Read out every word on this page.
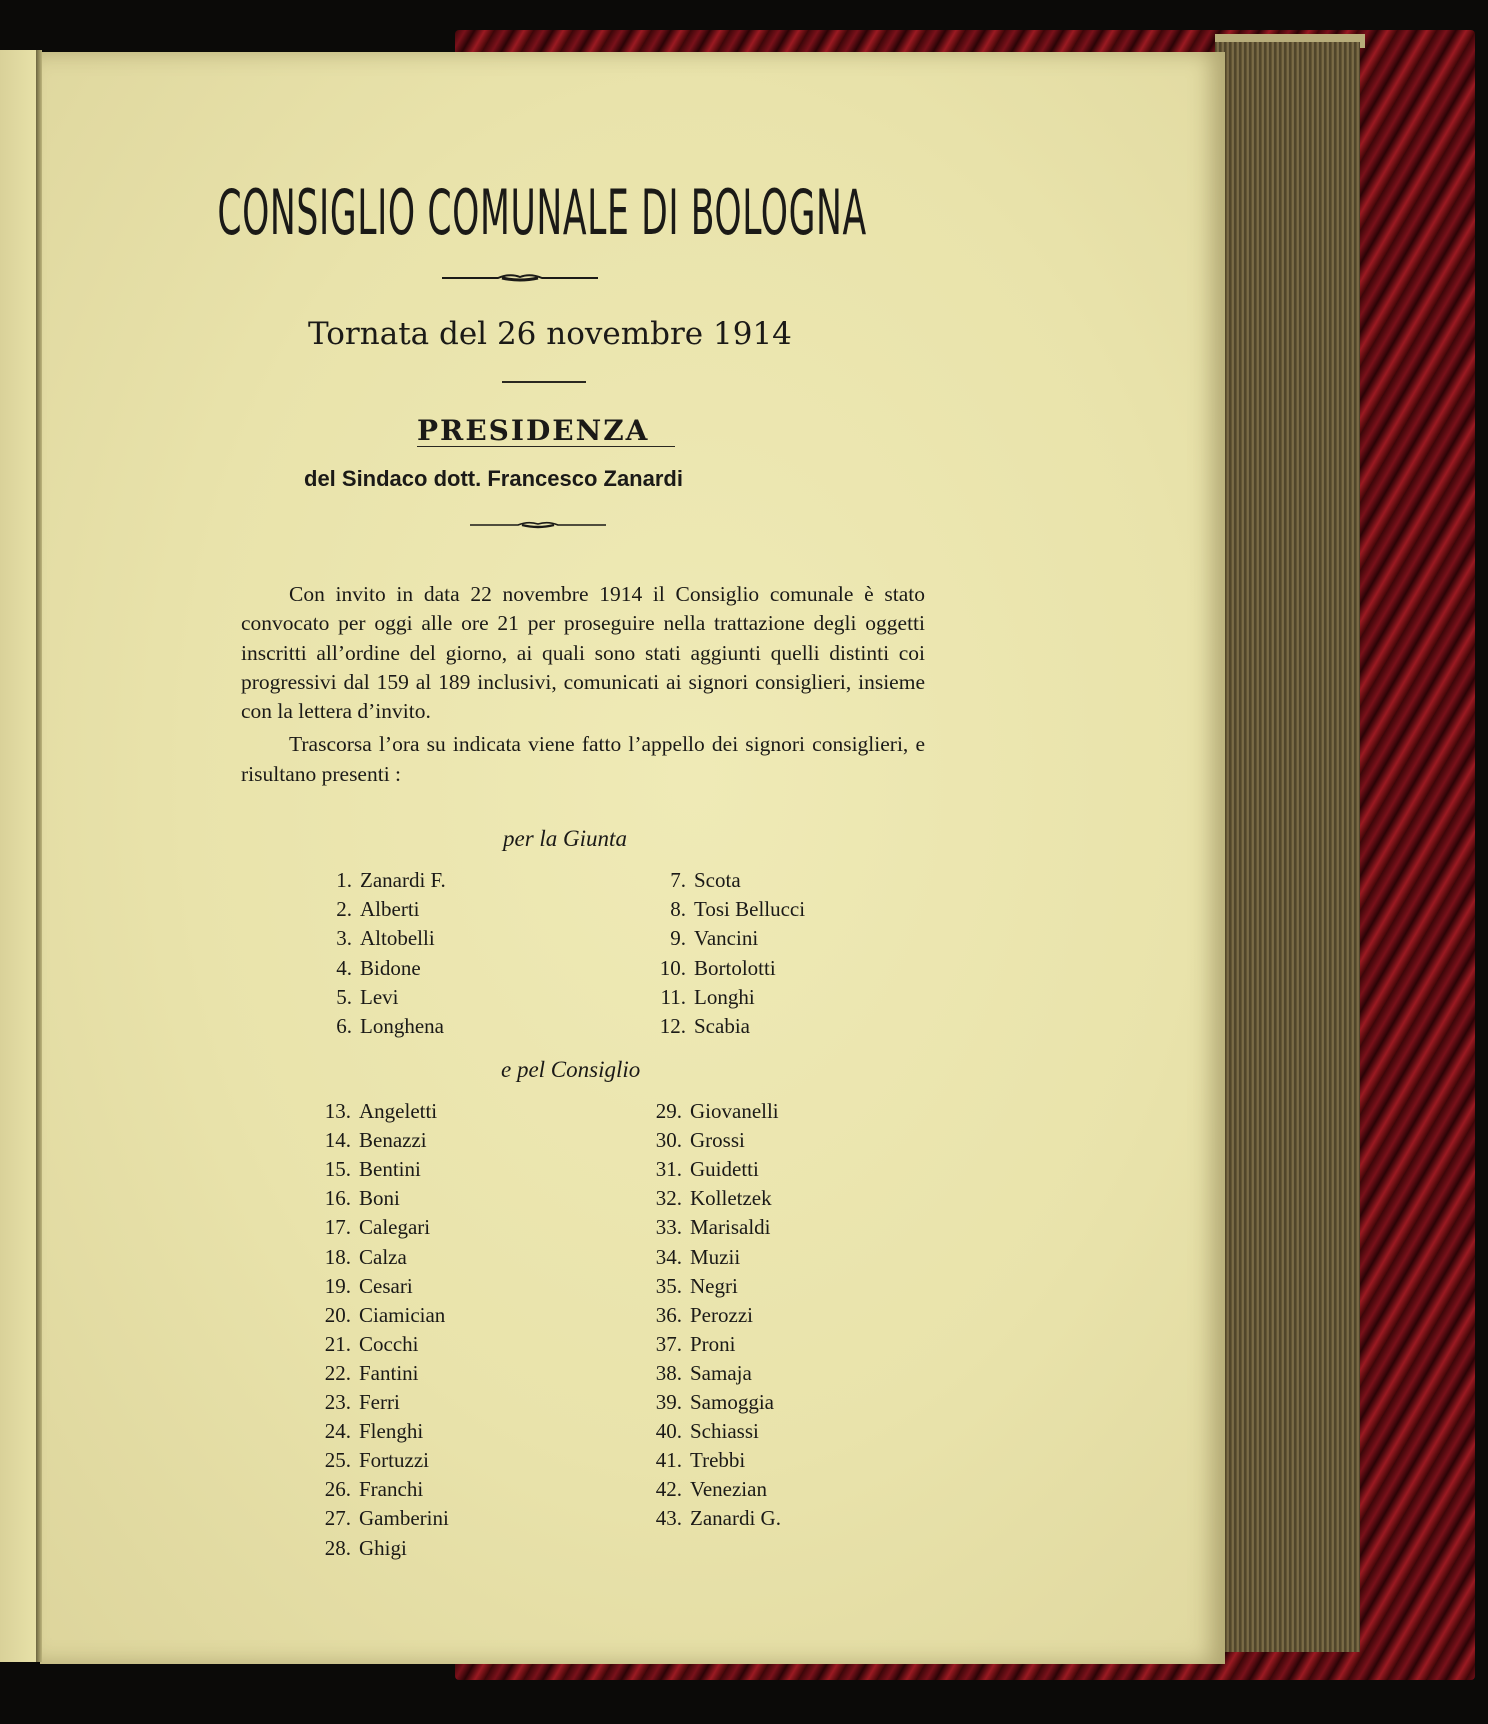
CONSIGLIO COMUNALE DI BOLOGNA
Tornata del 26 novembre 1914
PRESIDENZA
del Sindaco dott. Francesco Zanardi

Con invito in data 22 novembre 1914 il Consiglio comunale è stato convocato per oggi alle ore 21 per proseguire nella trattazione degli oggetti inscritti all’ordine del giorno, ai quali sono stati aggiunti quelli distinti coi progressivi dal 159 al 189 inclusivi, comunicati ai signori consiglieri, insieme con la lettera d’invito.

Trascorsa l’ora su indicata viene fatto l’appello dei signori consiglieri, e risultano presenti :

per la Giunta
e pel Consiglio
1. Zanardi F.
2. Alberti
3. Altobelli
4. Bidone
5. Levi
6. Longhena
7. Scota
8. Tosi Bellucci
9. Vancini
10. Bortolotti
11. Longhi
12. Scabia
13. Angeletti
14. Benazzi
15. Bentini
16. Boni
17. Calegari
18. Calza
19. Cesari
20. Ciamician
21. Cocchi
22. Fantini
23. Ferri
24. Flenghi
25. Fortuzzi
26. Franchi
27. Gamberini
28. Ghigi
29. Giovanelli
30. Grossi
31. Guidetti
32. Kolletzek
33. Marisaldi
34. Muzii
35. Negri
36. Perozzi
37. Proni
38. Samaja
39. Samoggia
40. Schiassi
41. Trebbi
42. Venezian
43. Zanardi G.
